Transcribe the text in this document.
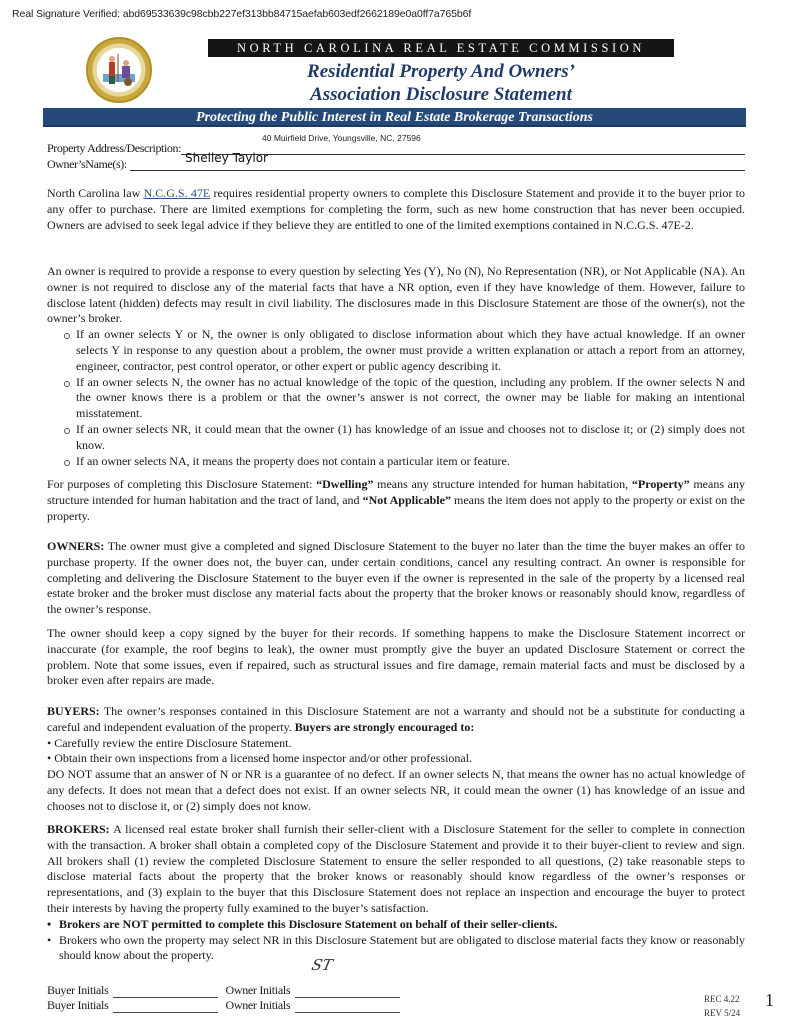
Real Signature Verified: abd69533639c98cbb227ef313bb84715aefab603edf2662189e0a0ff7a765b6f
NORTH CAROLINA REAL ESTATE COMMISSION
Residential Property And Owners’
Association Disclosure Statement
Protecting the Public Interest in Real Estate Brokerage Transactions
40 Muirfield Drive, Youngsville, NC, 27596
Property Address/Description:
Owner’sName(s):	Shelley Taylor

North Carolina law N.C.G.S. 47E requires residential property owners to complete this Disclosure Statement and provide it to the buyer prior to any offer to purchase. There are limited exemptions for completing the form, such as new home construction that has never been occupied. Owners are advised to seek legal advice if they believe they are entitled to one of the limited exemptions contained in N.C.G.S. 47E-2.

An owner is required to provide a response to every question by selecting Yes (Y), No (N), No Representation (NR), or Not Applicable (NA). An owner is not required to disclose any of the material facts that have a NR option, even if they have knowledge of them. However, failure to disclose latent (hidden) defects may result in civil liability. The disclosures made in this Disclosure Statement are those of the owner(s), not the owner’s broker.

If an owner selects Y or N, the owner is only obligated to disclose information about which they have actual knowledge. If an owner selects Y in response to any question about a problem, the owner must provide a written explanation or attach a report from an attorney, engineer, contractor, pest control operator, or other expert or public agency describing it.
If an owner selects N, the owner has no actual knowledge of the topic of the question, including any problem. If the owner selects N and the owner knows there is a problem or that the owner’s answer is not correct, the owner may be liable for making an intentional misstatement.
If an owner selects NR, it could mean that the owner (1) has knowledge of an issue and chooses not to disclose it; or (2) simply does not know.
If an owner selects NA, it means the property does not contain a particular item or feature.

For purposes of completing this Disclosure Statement: “Dwelling” means any structure intended for human habitation, “Property” means any structure intended for human habitation and the tract of land, and “Not Applicable” means the item does not apply to the property or exist on the property.

OWNERS: The owner must give a completed and signed Disclosure Statement to the buyer no later than the time the buyer makes an offer to purchase property. If the owner does not, the buyer can, under certain conditions, cancel any resulting contract. An owner is responsible for completing and delivering the Disclosure Statement to the buyer even if the owner is represented in the sale of the property by a licensed real estate broker and the broker must disclose any material facts about the property that the broker knows or reasonably should know, regardless of the owner’s response.

The owner should keep a copy signed by the buyer for their records. If something happens to make the Disclosure Statement incorrect or inaccurate (for example, the roof begins to leak), the owner must promptly give the buyer an updated Disclosure Statement or correct the problem. Note that some issues, even if repaired, such as structural issues and fire damage, remain material facts and must be disclosed by a broker even after repairs are made.

BUYERS: The owner’s responses contained in this Disclosure Statement are not a warranty and should not be a substitute for conducting a careful and independent evaluation of the property. Buyers are strongly encouraged to:

• Carefully review the entire Disclosure Statement.

• Obtain their own inspections from a licensed home inspector and/or other professional.

DO NOT assume that an answer of N or NR is a guarantee of no defect. If an owner selects N, that means the owner has no actual knowledge of any defects. It does not mean that a defect does not exist. If an owner selects NR, it could mean the owner (1) has knowledge of an issue and chooses not to disclose it, or (2) simply does not know.

BROKERS: A licensed real estate broker shall furnish their seller-client with a Disclosure Statement for the seller to complete in connection with the transaction. A broker shall obtain a completed copy of the Disclosure Statement and provide it to their buyer-client to review and sign. All brokers shall (1) review the completed Disclosure Statement to ensure the seller responded to all questions, (2) take reasonable steps to disclose material facts about the property that the broker knows or reasonably should know regardless of the owner’s responses or representations, and (3) explain to the buyer that this Disclosure Statement does not replace an inspection and encourage the buyer to protect their interests by having the property fully examined to the buyer’s satisfaction.

• Brokers are NOT permitted to complete this Disclosure Statement on behalf of their seller-clients.
• Brokers who own the property may select NR in this Disclosure Statement but are obligated to disclose material facts they know or reasonably should know about the property.
ST
Buyer Initials	Owner Initials
Buyer Initials	Owner Initials	REC 4.22
REV 5/24
1
